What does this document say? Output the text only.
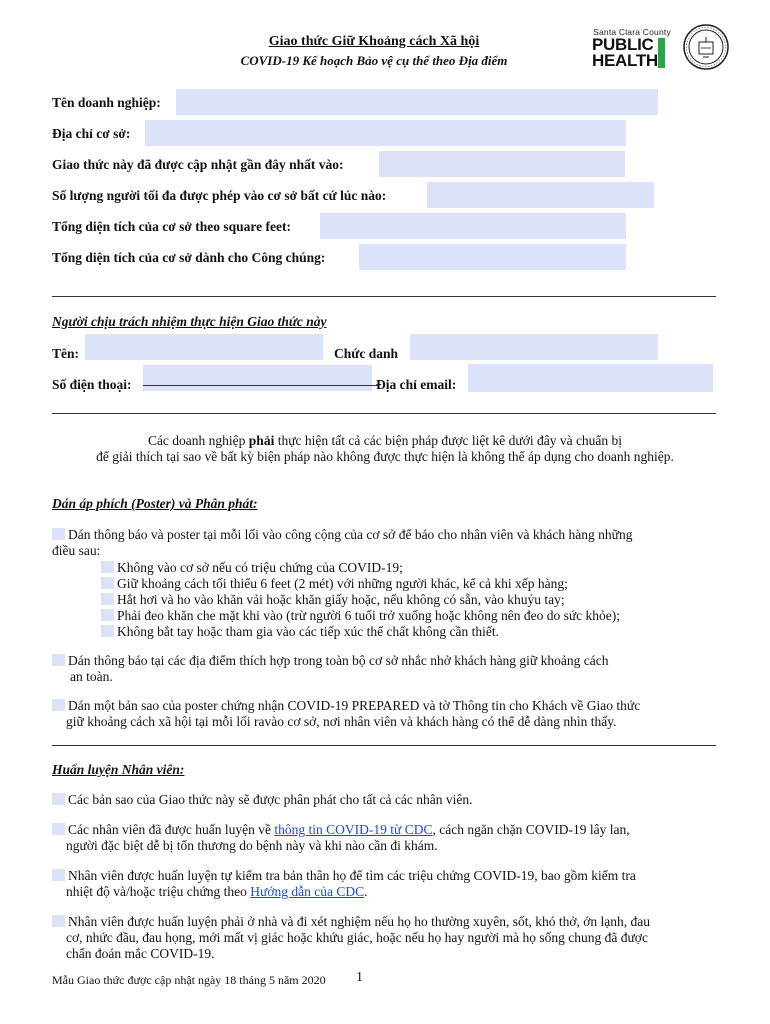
Giao thức Giữ Khoảng cách Xã hội
COVID-19 Kế hoạch Bảo vệ cụ thể theo Địa điểm
Santa Clara County
PUBLIC
HEALTH
Tên doanh nghiệp:
Địa chỉ cơ sở:
Giao thức này đã được cập nhật gần đây nhất vào:
Số lượng người tối đa được phép vào cơ sở bất cứ lúc nào:
Tổng diện tích của cơ sở theo square feet:
Tổng diện tích của cơ sở dành cho Công chúng:
Người chịu trách nhiệm thực hiện Giao thức này
Tên:	Chức danh
Số điện thoại:	Địa chỉ email:
Các doanh nghiệp phải thực hiện tất cả các biện pháp được liệt kê dưới đây và chuẩn bị
để giải thích tại sao về bất kỳ biện pháp nào không được thực hiện là không thể áp dụng cho doanh nghiệp.
Dán áp phích (Poster) và Phân phát:
Dán thông báo và poster tại mỗi lối vào công cộng của cơ sở để báo cho nhân viên và khách hàng những
điều sau:
Không vào cơ sở nếu có triệu chứng của COVID-19;
Giữ khoảng cách tối thiểu 6 feet (2 mét) với những người khác, kể cả khi xếp hàng;
Hắt hơi và ho vào khăn vải hoặc khăn giấy hoặc, nếu không có sẵn, vào khuỷu tay;
Phải đeo khăn che mặt khi vào (trừ người 6 tuổi trở xuống hoặc không nên đeo do sức khỏe);
Không bắt tay hoặc tham gia vào các tiếp xúc thể chất không cần thiết.
Dán thông báo tại các địa điểm thích hợp trong toàn bộ cơ sở nhắc nhở khách hàng giữ khoảng cách
an toàn.
Dán một bản sao của poster chứng nhận COVID-19 PREPARED và tờ Thông tin cho Khách về Giao thức
giữ khoảng cách xã hội tại mỗi lối ravào cơ sở, nơi nhân viên và khách hàng có thể dễ dàng nhìn thấy.
Huấn luyện Nhân viên:
Các bản sao của Giao thức này sẽ được phân phát cho tất cả các nhân viên.
Các nhân viên đã được huấn luyện về thông tin COVID-19 từ CDC, cách ngăn chặn COVID-19 lây lan,
người đặc biệt dễ bị tổn thương do bệnh này và khi nào cần đi khám.
Nhân viên được huấn luyện tự kiểm tra bản thân họ để tìm các triệu chứng COVID-19, bao gồm kiểm tra
nhiệt độ và/hoặc triệu chứng theo Hướng dẫn của CDC.
Nhân viên được huấn luyện phải ở nhà và đi xét nghiệm nếu họ ho thường xuyên, sốt, khó thở, ớn lạnh, đau
cơ, nhức đầu, đau họng, mới mất vị giác hoặc khứu giác, hoặc nếu họ hay người mà họ sống chung đã được
chẩn đoán mắc COVID-19.
Mẫu Giao thức được cập nhật ngày 18 tháng 5 năm 2020 1
